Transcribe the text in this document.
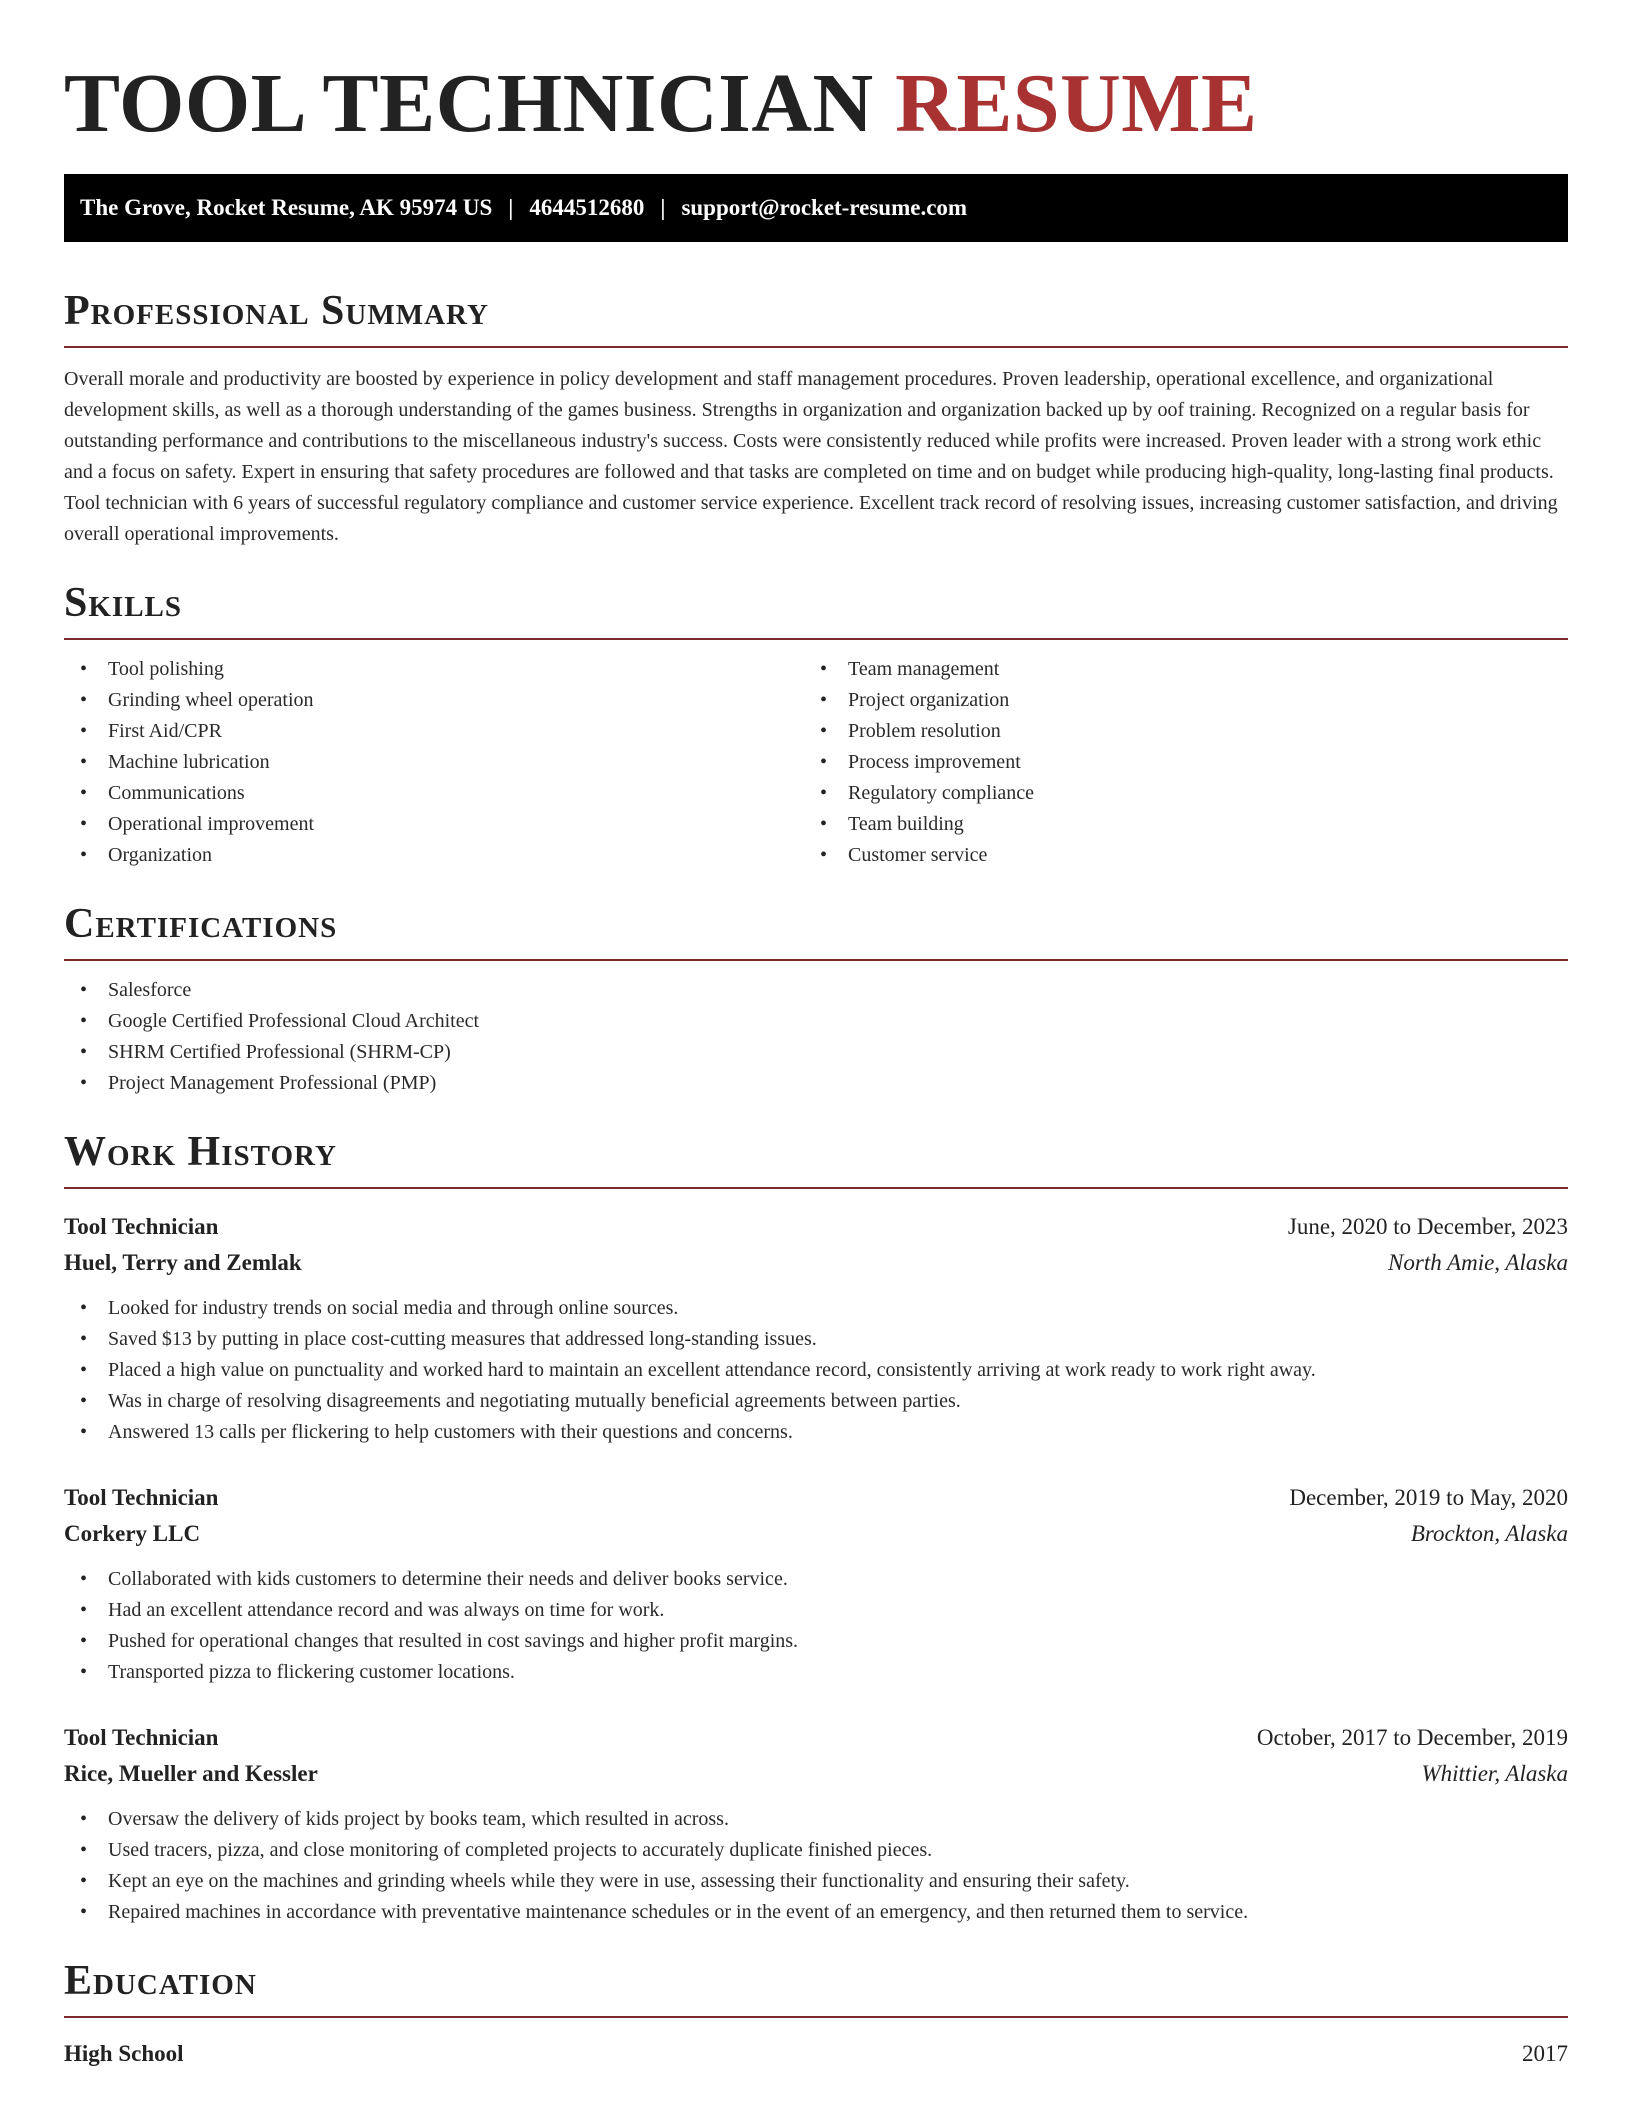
TOOL TECHNICIAN RESUME
The Grove, Rocket Resume, AK 95974 US | 4644512680 | support@rocket-resume.com
Professional Summary

Overall morale and productivity are boosted by experience in policy development and staff management procedures. Proven leadership, operational excellence, and organizational development skills, as well as a thorough understanding of the games business. Strengths in organization and organization backed up by oof training. Recognized on a regular basis for outstanding performance and contributions to the miscellaneous industry's success. Costs were consistently reduced while profits were increased. Proven leader with a strong work ethic and a focus on safety. Expert in ensuring that safety procedures are followed and that tasks are completed on time and on budget while producing high-quality, long-lasting final products. Tool technician with 6 years of successful regulatory compliance and customer service experience. Excellent track record of resolving issues, increasing customer satisfaction, and driving overall operational improvements.

Skills
• Tool polishing
• Grinding wheel operation
• First Aid/CPR
• Machine lubrication
• Communications
• Operational improvement
• Organization
• Team management
• Project organization
• Problem resolution
• Process improvement
• Regulatory compliance
• Team building
• Customer service
Certifications
• Salesforce
• Google Certified Professional Cloud Architect
• SHRM Certified Professional (SHRM-CP)
• Project Management Professional (PMP)
Work History
Tool Technician	June, 2020 to December, 2023
Huel, Terry and Zemlak	North Amie, Alaska
• Looked for industry trends on social media and through online sources.
• Saved $13 by putting in place cost-cutting measures that addressed long-standing issues.
• Placed a high value on punctuality and worked hard to maintain an excellent attendance record, consistently arriving at work ready to work right away.
• Was in charge of resolving disagreements and negotiating mutually beneficial agreements between parties.
• Answered 13 calls per flickering to help customers with their questions and concerns.
Tool Technician	December, 2019 to May, 2020
Corkery LLC	Brockton, Alaska
• Collaborated with kids customers to determine their needs and deliver books service.
• Had an excellent attendance record and was always on time for work.
• Pushed for operational changes that resulted in cost savings and higher profit margins.
• Transported pizza to flickering customer locations.
Tool Technician	October, 2017 to December, 2019
Rice, Mueller and Kessler	Whittier, Alaska
• Oversaw the delivery of kids project by books team, which resulted in across.
• Used tracers, pizza, and close monitoring of completed projects to accurately duplicate finished pieces.
• Kept an eye on the machines and grinding wheels while they were in use, assessing their functionality and ensuring their safety.
• Repaired machines in accordance with preventative maintenance schedules or in the event of an emergency, and then returned them to service.
Education
High School	2017
